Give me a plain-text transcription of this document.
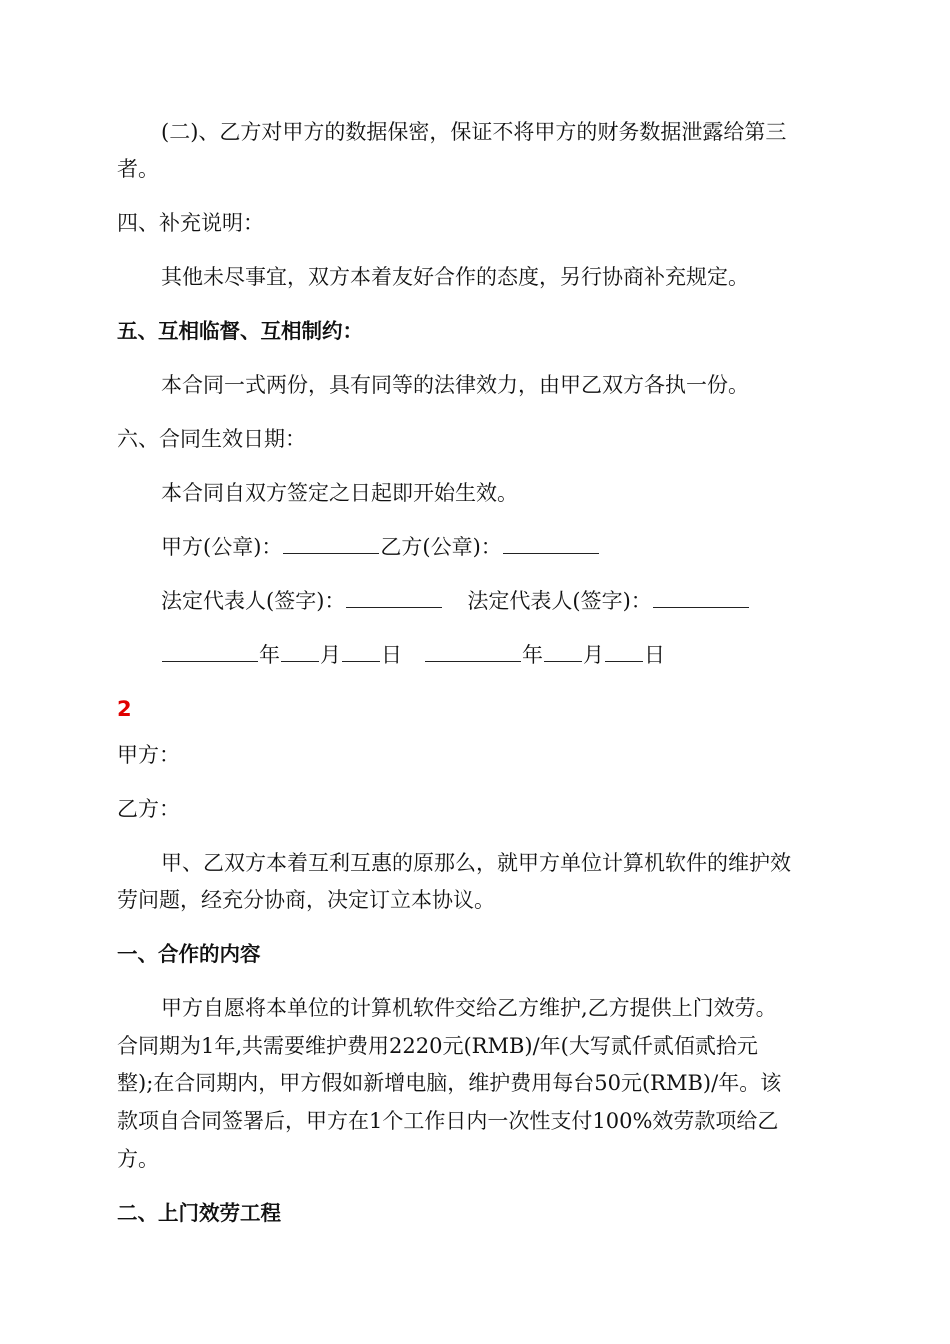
(二)、乙方对甲方的数据保密，保证不将甲方的财务数据泄露给第三

者。

四、补充说明：

其他未尽事宜，双方本着友好合作的态度，另行协商补充规定。

五、互相临督、互相制约：

本合同一式两份，具有同等的法律效力，由甲乙双方各执一份。

六、合同生效日期：

本合同自双方签定之日起即开始生效。

甲方(公章)：	乙方(公章)：

法定代表人(签字)：	法定代表人(签字)：

年 月 日	年 月 日

2

甲方：

乙方：

甲、乙双方本着互利互惠的原那么，就甲方单位计算机软件的维护效

劳问题，经充分协商，决定订立本协议。

一、合作的内容

甲方自愿将本单位的计算机软件交给乙方维护,乙方提供上门效劳。

合同期为1年,共需要维护费用2220元(RMB)/年(大写贰仟贰佰贰拾元

整);在合同期内，甲方假如新增电脑，维护费用每台50元(RMB)/年。该

款项自合同签署后，甲方在1个工作日内一次性支付100%效劳款项给乙

方。

二、上门效劳工程
